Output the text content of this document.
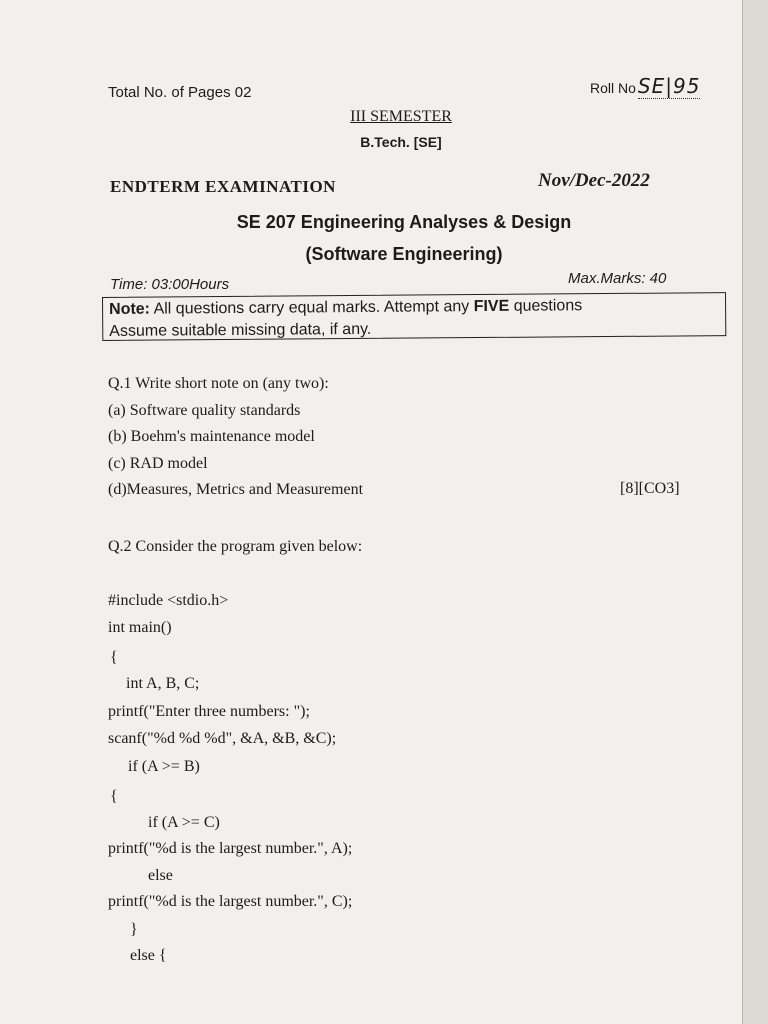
Total No. of Pages 02	Roll No SE|95
III SEMESTER
B.Tech. [SE]
ENDTERM EXAMINATION	Nov/Dec-2022
SE 207 Engineering Analyses & Design
(Software Engineering)
Time: 03:00Hours	Max.Marks: 40
Note: All questions carry equal marks. Attempt any FIVE questions
Assume suitable missing data, if any.
Q.1 Write short note on (any two):
(a) Software quality standards
(b) Boehm's maintenance model
(c) RAD model
(d)Measures, Metrics and Measurement	[8][CO3]
Q.2 Consider the program given below:
#include <stdio.h>
int main()
{
int A, B, C;
printf("Enter three numbers: ");
scanf("%d %d %d", &A, &B, &C);
if (A >= B)
{
if (A >= C)
printf("%d is the largest number.", A);
else
printf("%d is the largest number.", C);
}
else {
